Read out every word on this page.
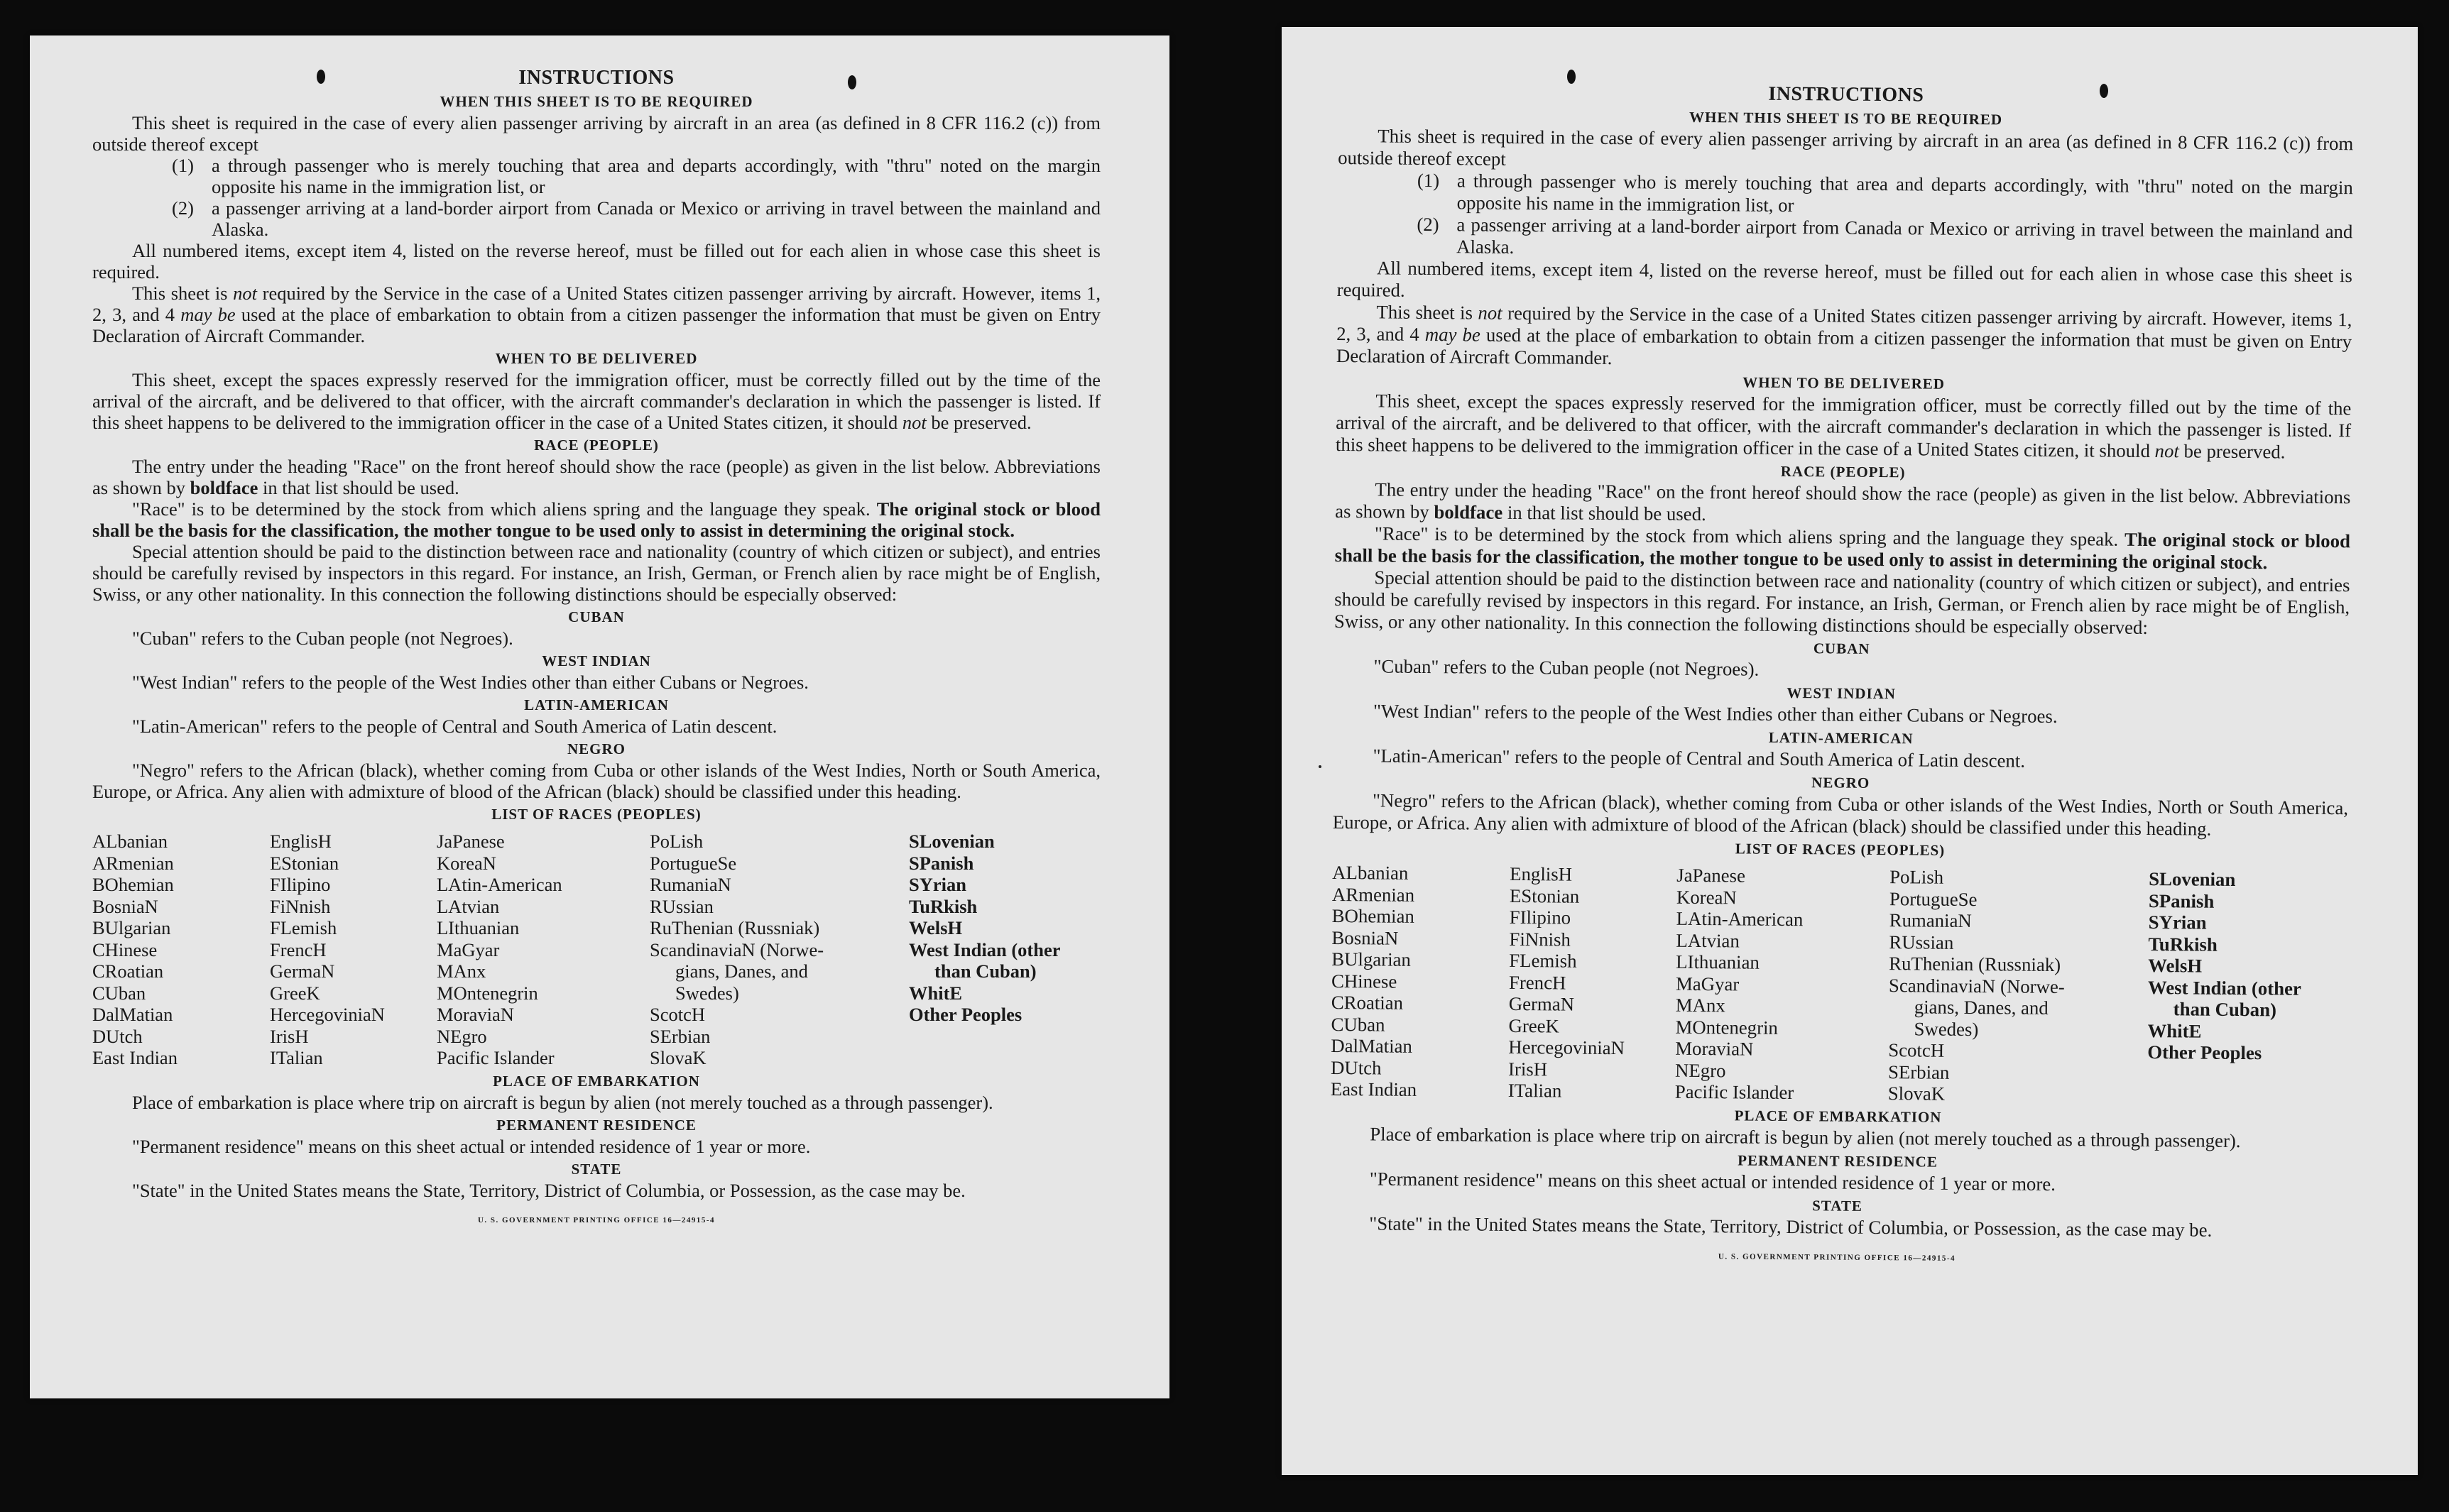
INSTRUCTIONS
WHEN THIS SHEET IS TO BE REQUIRED

This sheet is required in the case of every alien passenger arriving by aircraft in an area (as defined in 8 CFR 116.2 (c)) from outside thereof except

(1) a through passenger who is merely touching that area and departs accordingly, with "thru" noted on the margin opposite his name in the immigration list, or
(2) a passenger arriving at a land-border airport from Canada or Mexico or arriving in travel between the mainland and Alaska.

All numbered items, except item 4, listed on the reverse hereof, must be filled out for each alien in whose case this sheet is required.

This sheet is not required by the Service in the case of a United States citizen passenger arriving by aircraft. However, items 1, 2, 3, and 4 may be used at the place of embarkation to obtain from a citizen passenger the information that must be given on Entry Declaration of Aircraft Commander.

WHEN TO BE DELIVERED

This sheet, except the spaces expressly reserved for the immigration officer, must be correctly filled out by the time of the arrival of the aircraft, and be delivered to that officer, with the aircraft commander's declaration in which the passenger is listed. If this sheet happens to be delivered to the immigration officer in the case of a United States citizen, it should not be preserved.

RACE (PEOPLE)

The entry under the heading "Race" on the front hereof should show the race (people) as given in the list below. Abbreviations as shown by boldface in that list should be used.

"Race" is to be determined by the stock from which aliens spring and the language they speak. The original stock or blood shall be the basis for the classification, the mother tongue to be used only to assist in determining the original stock.

Special attention should be paid to the distinction between race and nationality (country of which citizen or subject), and entries should be carefully revised by inspectors in this regard. For instance, an Irish, German, or French alien by race might be of English, Swiss, or any other nationality. In this connection the following distinctions should be especially observed:

CUBAN

"Cuban" refers to the Cuban people (not Negroes).

WEST INDIAN

"West Indian" refers to the people of the West Indies other than either Cubans or Negroes.

LATIN-AMERICAN

"Latin-American" refers to the people of Central and South America of Latin descent.

NEGRO

"Negro" refers to the African (black), whether coming from Cuba or other islands of the West Indies, North or South America, Europe, or Africa. Any alien with admixture of blood of the African (black) should be classified under this heading.

LIST OF RACES (PEOPLES)
ALbanian
ARmenian
BOhemian
BosniaN
BUlgarian
CHinese
CRoatian
CUban
DalMatian
DUtch
East Indian
EnglisH
EStonian
FIlipino
FiNnish
FLemish
FrencH
GermaN
GreeK
HercegoviniaN
IrisH
ITalian
JaPanese
KoreaN
LAtin-American
LAtvian
LIthuanian
MaGyar
MAnx
MOntenegrin
MoraviaN
NEgro
Pacific Islander
PoLish
PortugueSe
RumaniaN
RUssian
RuThenian (Russniak)
ScandinaviaN (Norwe-
gians, Danes, and
Swedes)
ScotcH
SErbian
SlovaK
SLovenian
SPanish
SYrian
TuRkish
WelsH
West Indian (other
than Cuban)
WhitE
Other Peoples
PLACE OF EMBARKATION

Place of embarkation is place where trip on aircraft is begun by alien (not merely touched as a through passenger).

PERMANENT RESIDENCE

"Permanent residence" means on this sheet actual or intended residence of 1 year or more.

STATE

"State" in the United States means the State, Territory, District of Columbia, or Possession, as the case may be.

U. S. GOVERNMENT PRINTING OFFICE 16—24915-4
INSTRUCTIONS
WHEN THIS SHEET IS TO BE REQUIRED

This sheet is required in the case of every alien passenger arriving by aircraft in an area (as defined in 8 CFR 116.2 (c)) from outside thereof except

(1) a through passenger who is merely touching that area and departs accordingly, with "thru" noted on the margin opposite his name in the immigration list, or
(2) a passenger arriving at a land-border airport from Canada or Mexico or arriving in travel between the mainland and Alaska.

All numbered items, except item 4, listed on the reverse hereof, must be filled out for each alien in whose case this sheet is required.

This sheet is not required by the Service in the case of a United States citizen passenger arriving by aircraft. However, items 1, 2, 3, and 4 may be used at the place of embarkation to obtain from a citizen passenger the information that must be given on Entry Declaration of Aircraft Commander.

WHEN TO BE DELIVERED

This sheet, except the spaces expressly reserved for the immigration officer, must be correctly filled out by the time of the arrival of the aircraft, and be delivered to that officer, with the aircraft commander's declaration in which the passenger is listed. If this sheet happens to be delivered to the immigration officer in the case of a United States citizen, it should not be preserved.

RACE (PEOPLE)

The entry under the heading "Race" on the front hereof should show the race (people) as given in the list below. Abbreviations as shown by boldface in that list should be used.

"Race" is to be determined by the stock from which aliens spring and the language they speak. The original stock or blood shall be the basis for the classification, the mother tongue to be used only to assist in determining the original stock.

Special attention should be paid to the distinction between race and nationality (country of which citizen or subject), and entries should be carefully revised by inspectors in this regard. For instance, an Irish, German, or French alien by race might be of English, Swiss, or any other nationality. In this connection the following distinctions should be especially observed:

CUBAN

"Cuban" refers to the Cuban people (not Negroes).

WEST INDIAN

"West Indian" refers to the people of the West Indies other than either Cubans or Negroes.

LATIN-AMERICAN

"Latin-American" refers to the people of Central and South America of Latin descent.

NEGRO

"Negro" refers to the African (black), whether coming from Cuba or other islands of the West Indies, North or South America, Europe, or Africa. Any alien with admixture of blood of the African (black) should be classified under this heading.

LIST OF RACES (PEOPLES)
ALbanian
ARmenian
BOhemian
BosniaN
BUlgarian
CHinese
CRoatian
CUban
DalMatian
DUtch
East Indian
EnglisH
EStonian
FIlipino
FiNnish
FLemish
FrencH
GermaN
GreeK
HercegoviniaN
IrisH
ITalian
JaPanese
KoreaN
LAtin-American
LAtvian
LIthuanian
MaGyar
MAnx
MOntenegrin
MoraviaN
NEgro
Pacific Islander
PoLish
PortugueSe
RumaniaN
RUssian
RuThenian (Russniak)
ScandinaviaN (Norwe-
gians, Danes, and
Swedes)
ScotcH
SErbian
SlovaK
SLovenian
SPanish
SYrian
TuRkish
WelsH
West Indian (other
than Cuban)
WhitE
Other Peoples
PLACE OF EMBARKATION

Place of embarkation is place where trip on aircraft is begun by alien (not merely touched as a through passenger).

PERMANENT RESIDENCE

"Permanent residence" means on this sheet actual or intended residence of 1 year or more.

STATE

"State" in the United States means the State, Territory, District of Columbia, or Possession, as the case may be.

U. S. GOVERNMENT PRINTING OFFICE 16—24915-4
